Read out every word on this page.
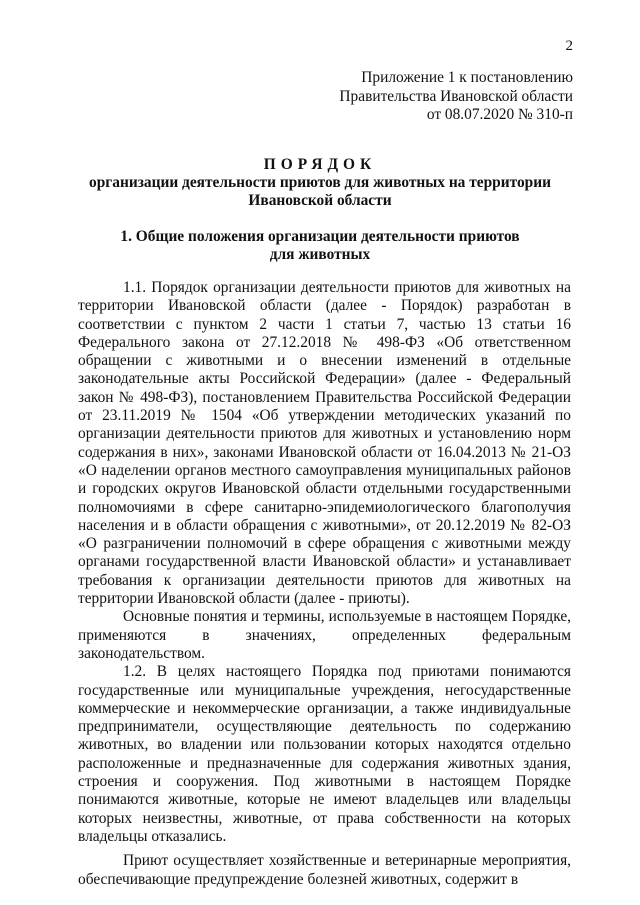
2
Приложение 1 к постановлению
Правительства Ивановской области
от 08.07.2020 № 310-п
ПОРЯДОК
организации деятельности приютов для животных на территории
Ивановской области
1. Общие положения организации деятельности приютов
для животных

1.1. Порядок организации деятельности приютов для животных на территории Ивановской области (далее - Порядок) разработан в соответствии с пунктом 2 части 1 статьи 7, частью 13 статьи 16 Федерального закона от 27.12.2018 № 498-ФЗ «Об ответственном обращении с животными и о внесении изменений в отдельные законодательные акты Российской Федерации» (далее - Федеральный закон № 498-ФЗ), постановлением Правительства Российской Федерации от 23.11.2019 № 1504 «Об утверждении методических указаний по организации деятельности приютов для животных и установлению норм содержания в них», законами Ивановской области от 16.04.2013 № 21-ОЗ «О наделении органов местного самоуправления муниципальных районов и городских округов Ивановской области отдельными государственными полномочиями в сфере санитарно-эпидемиологического благополучия населения и в области обращения с животными», от 20.12.2019 № 82-ОЗ «О разграничении полномочий в сфере обращения с животными между органами государственной власти Ивановской области» и устанавливает требования к организации деятельности приютов для животных на территории Ивановской области (далее - приюты).

Основные понятия и термины, используемые в настоящем Порядке, применяются в значениях, определенных федеральным законодательством.

1.2. В целях настоящего Порядка под приютами понимаются государственные или муниципальные учреждения, негосударственные коммерческие и некоммерческие организации, а также индивидуальные предприниматели, осуществляющие деятельность по содержанию животных, во владении или пользовании которых находятся отдельно расположенные и предназначенные для содержания животных здания, строения и сооружения. Под животными в настоящем Порядке понимаются животные, которые не имеют владельцев или владельцы которых неизвестны, животные, от права собственности на которых владельцы отказались.

Приют осуществляет хозяйственные и ветеринарные мероприятия, обеспечивающие предупреждение болезней животных, содержит в
